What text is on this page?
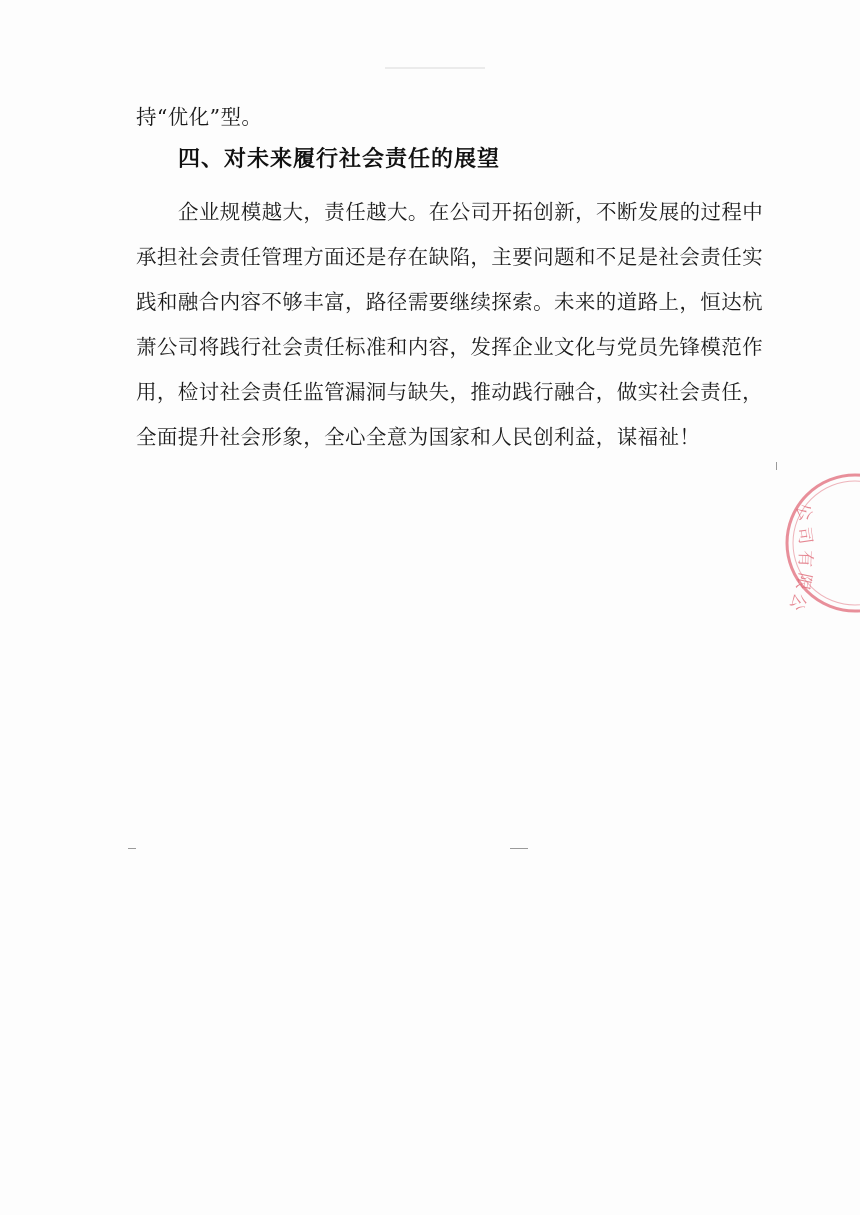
持“优化”型。
四、对未来履行社会责任的展望
企业规模越大，责任越大。在公司开拓创新，不断发展的过程中
承担社会责任管理方面还是存在缺陷，主要问题和不足是社会责任实
践和融合内容不够丰富，路径需要继续探索。未来的道路上，恒达杭
萧公司将践行社会责任标准和内容，发挥企业文化与党员先锋模范作
用，检讨社会责任监管漏洞与缺失，推动践行融合，做实社会责任，
全面提升社会形象，全心全意为国家和人民创利益，谋福祉！
公
司
有
限
公
